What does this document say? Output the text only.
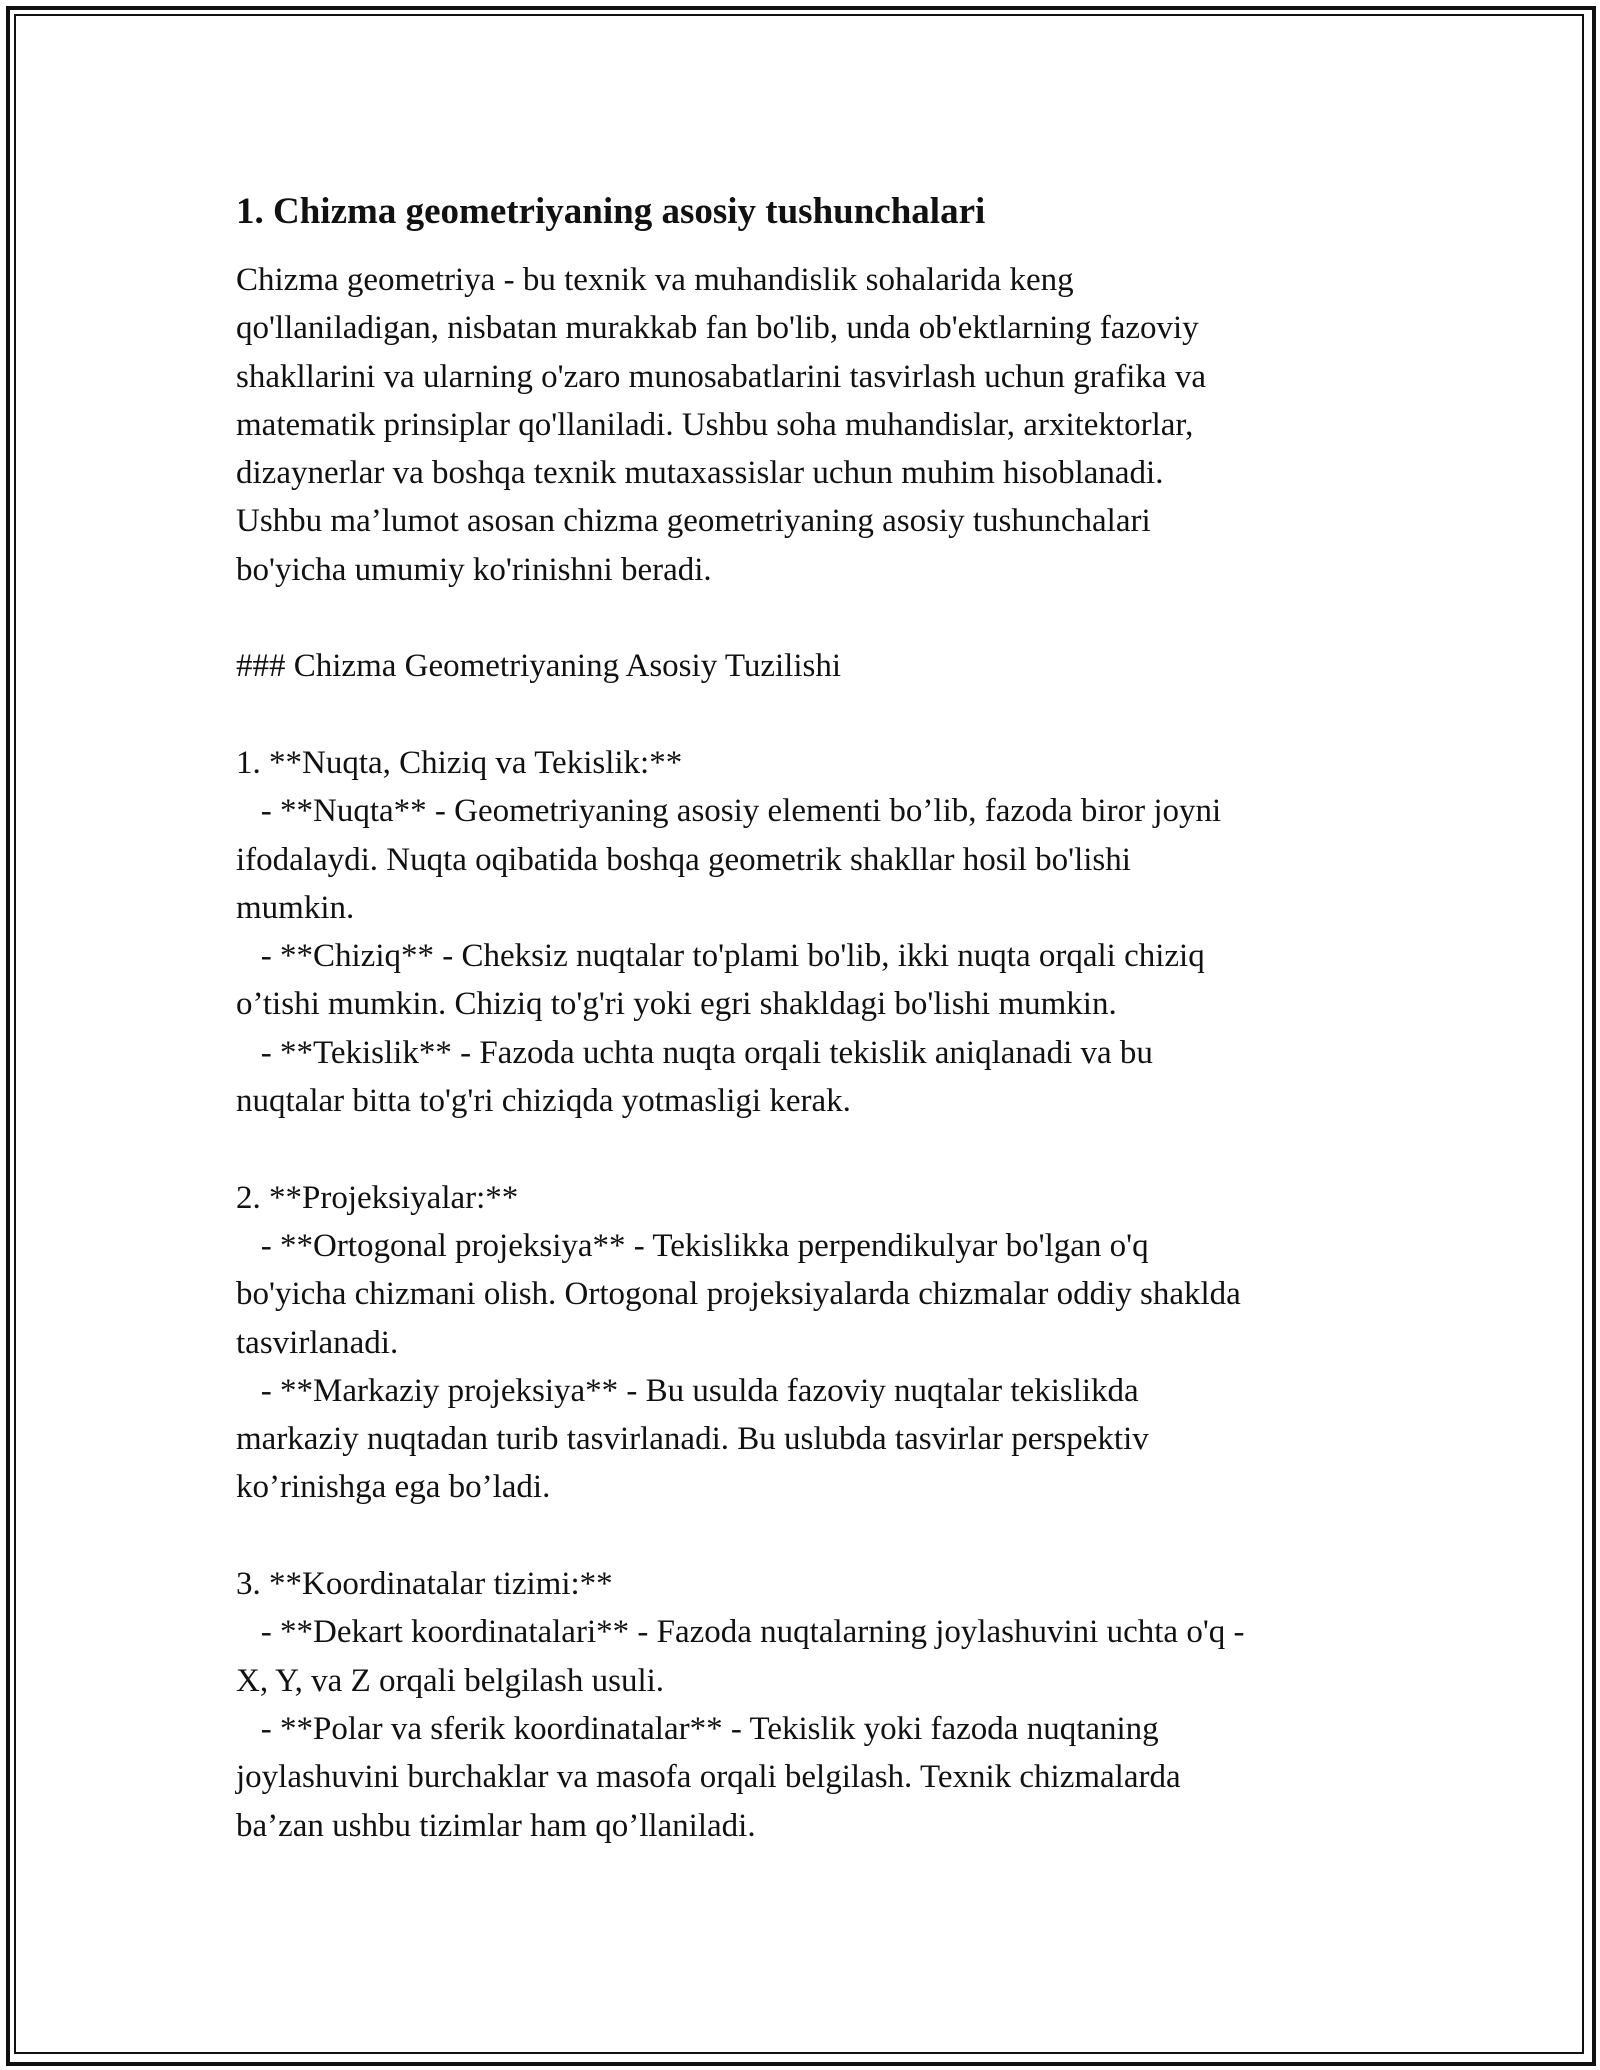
1. Chizma geometriyaning asosiy tushunchalari
Chizma geometriya - bu texnik va muhandislik sohalarida keng
qo'llaniladigan, nisbatan murakkab fan bo'lib, unda ob'ektlarning fazoviy
shakllarini va ularning o'zaro munosabatlarini tasvirlash uchun grafika va
matematik prinsiplar qo'llaniladi. Ushbu soha muhandislar, arxitektorlar,
dizaynerlar va boshqa texnik mutaxassislar uchun muhim hisoblanadi.
Ushbu ma’lumot asosan chizma geometriyaning asosiy tushunchalari
bo'yicha umumiy ko'rinishni beradi.
### Chizma Geometriyaning Asosiy Tuzilishi
1. **Nuqta, Chiziq va Tekislik:**
- **Nuqta** - Geometriyaning asosiy elementi bo’lib, fazoda biror joyni
ifodalaydi. Nuqta oqibatida boshqa geometrik shakllar hosil bo'lishi
mumkin.
- **Chiziq** - Cheksiz nuqtalar to'plami bo'lib, ikki nuqta orqali chiziq
o’tishi mumkin. Chiziq to'g'ri yoki egri shakldagi bo'lishi mumkin.
- **Tekislik** - Fazoda uchta nuqta orqali tekislik aniqlanadi va bu
nuqtalar bitta to'g'ri chiziqda yotmasligi kerak.
2. **Projeksiyalar:**
- **Ortogonal projeksiya** - Tekislikka perpendikulyar bo'lgan o'q
bo'yicha chizmani olish. Ortogonal projeksiyalarda chizmalar oddiy shaklda
tasvirlanadi.
- **Markaziy projeksiya** - Bu usulda fazoviy nuqtalar tekislikda
markaziy nuqtadan turib tasvirlanadi. Bu uslubda tasvirlar perspektiv
ko’rinishga ega bo’ladi.
3. **Koordinatalar tizimi:**
- **Dekart koordinatalari** - Fazoda nuqtalarning joylashuvini uchta o'q -
X, Y, va Z orqali belgilash usuli.
- **Polar va sferik koordinatalar** - Tekislik yoki fazoda nuqtaning
joylashuvini burchaklar va masofa orqali belgilash. Texnik chizmalarda
ba’zan ushbu tizimlar ham qo’llaniladi.
